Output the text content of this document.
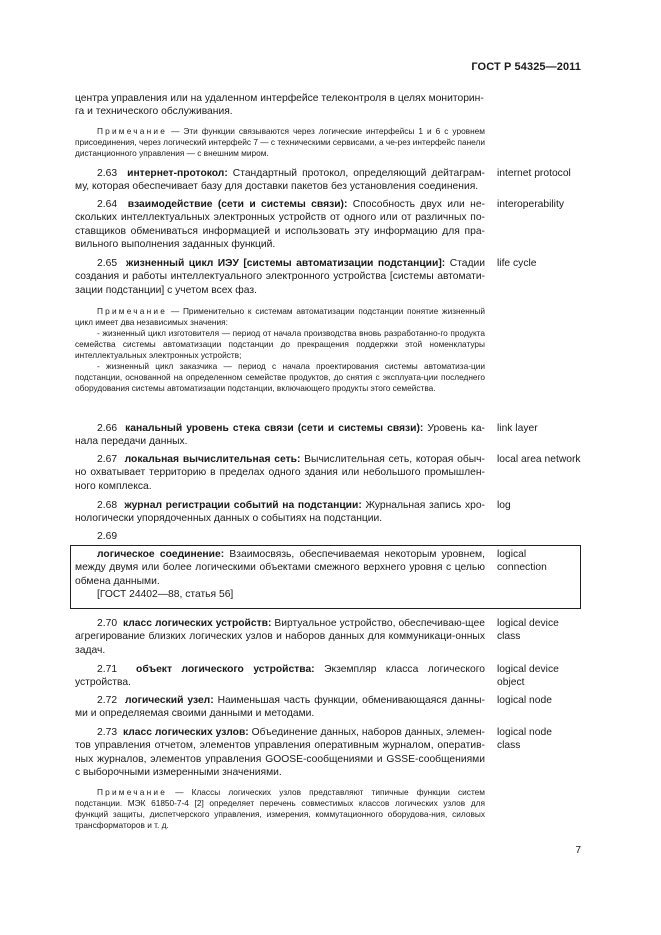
ГОСТ Р 54325—2011
центра управления или на удаленном интерфейсе телеконтроля в целях мониторин-
га и технического обслуживания.
Примечание — Эти функции связываются через логические интерфейсы 1 и 6 с уровнем присоединения, через логический интерфейс 7 — с техническими сервисами, а че-рез интерфейс панели дистанционного управления — с внешним миром.
2.63 интернет-протокол: Стандартный протокол, определяющий дейтаграм-му, которая обеспечивает базу для доставки пакетов без установления соединения.
internet protocol
2.64 взаимодействие (сети и системы связи): Способность двух или не-скольких интеллектуальных электронных устройств от одного или от различных по-ставщиков обмениваться информацией и использовать эту информацию для пра-вильного выполнения заданных функций.
interoperability
2.65 жизненный цикл ИЭУ [системы автоматизации подстанции]: Стадии создания и работы интеллектуального электронного устройства [системы автомати-зации подстанции] с учетом всех фаз.
life cycle
Примечание — Применительно к системам автоматизации подстанции понятие жизненный цикл имеет два независимых значения:
- жизненный цикл изготовителя — период от начала производства вновь разработанно-го продукта семейства системы автоматизации подстанции до прекращения поддержки этой номенклатуры интеллектуальных электронных устройств;
- жизненный цикл заказчика — период с начала проектирования системы автоматиза-ции подстанции, основанной на определенном семействе продуктов, до снятия с эксплуата-ции последнего оборудования системы автоматизации подстанции, включающего продукты этого семейства.
2.66 канальный уровень стека связи (сети и системы связи): Уровень ка-нала передачи данных.
link layer
2.67 локальная вычислительная сеть: Вычислительная сеть, которая обыч-но охватывает территорию в пределах одного здания или небольшого промышлен-ного комплекса.
local area network
2.68 журнал регистрации событий на подстанции: Журнальная запись хро-нологически упорядоченных данных о событиях на подстанции.
log
2.69
логическое соединение: Взаимосвязь, обеспечиваемая некоторым уровнем, между двумя или более логическими объектами смежного верхнего уровня с целью обмена данными.
[ГОСТ 24402—88, статья 56]
logical connection
2.70 класс логических устройств: Виртуальное устройство, обеспечиваю-щее агрегирование близких логических узлов и наборов данных для коммуникаци-онных задач.
logical device class
2.71 объект логического устройства: Экземпляр класса логического устройства.
logical device object
2.72 логический узел: Наименьшая часть функции, обменивающаяся данны-ми и определяемая своими данными и методами.
logical node
2.73 класс логических узлов: Объединение данных, наборов данных, элемен-тов управления отчетом, элементов управления оперативным журналом, оператив-ных журналов, элементов управления GOOSE-сообщениями и GSSE-сообщениями с выборочными измеренными значениями.
logical node class
Примечание — Классы логических узлов представляют типичные функции систем подстанции. МЭК 61850-7-4 [2] определяет перечень совместимых классов логических узлов для функций защиты, диспетчерского управления, измерения, коммутационного оборудова-ния, силовых трансформаторов и т. д.
7
